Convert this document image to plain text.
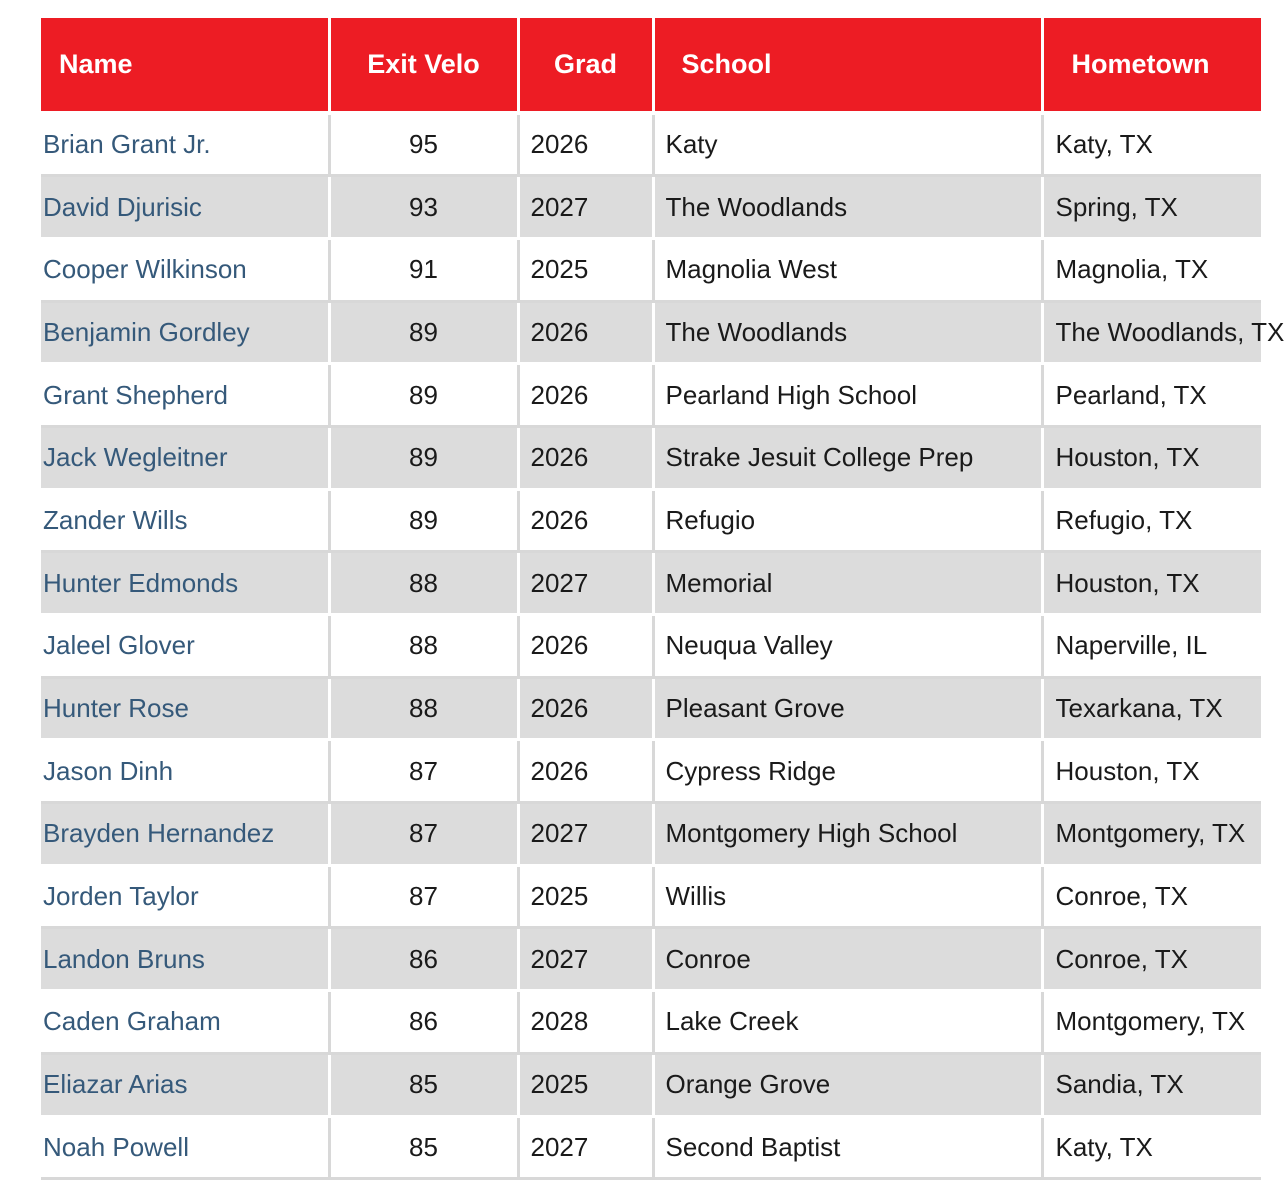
Name	Exit Velo	Grad	School	Hometown
Brian Grant Jr.	95	2026	Katy	Katy, TX
David Djurisic	93	2027	The Woodlands	Spring, TX
Cooper Wilkinson	91	2025	Magnolia West	Magnolia, TX
Benjamin Gordley	89	2026	The Woodlands	The Woodlands, TX
Grant Shepherd	89	2026	Pearland High School	Pearland, TX
Jack Wegleitner	89	2026	Strake Jesuit College Prep	Houston, TX
Zander Wills	89	2026	Refugio	Refugio, TX
Hunter Edmonds	88	2027	Memorial	Houston, TX
Jaleel Glover	88	2026	Neuqua Valley	Naperville, IL
Hunter Rose	88	2026	Pleasant Grove	Texarkana, TX
Jason Dinh	87	2026	Cypress Ridge	Houston, TX
Brayden Hernandez	87	2027	Montgomery High School	Montgomery, TX
Jorden Taylor	87	2025	Willis	Conroe, TX
Landon Bruns	86	2027	Conroe	Conroe, TX
Caden Graham	86	2028	Lake Creek	Montgomery, TX
Eliazar Arias	85	2025	Orange Grove	Sandia, TX
Noah Powell	85	2027	Second Baptist	Katy, TX
